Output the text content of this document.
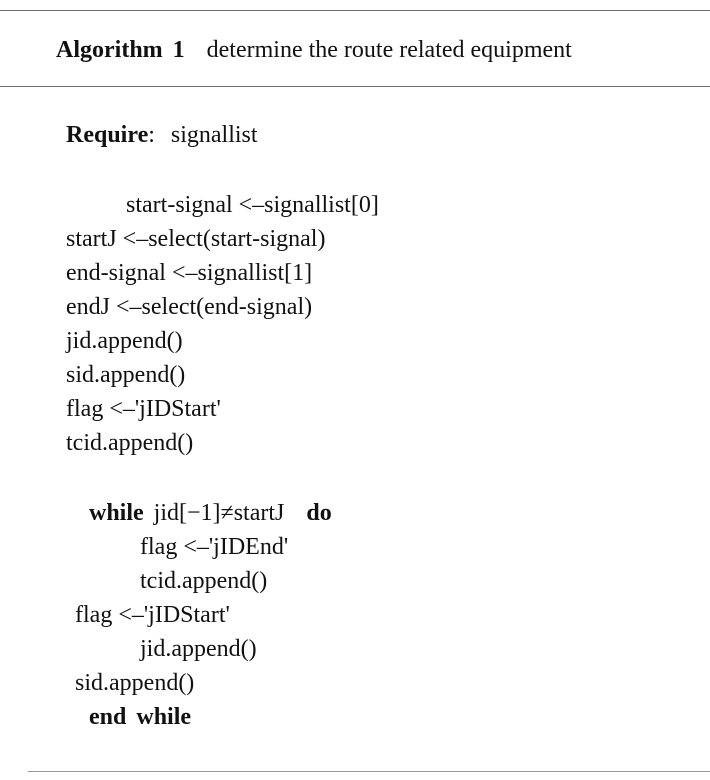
Algorithm 1 determine the route related equipment
Require: signallist
start-signal <–signallist[0]
startJ <–select(start-signal)
end-signal <–signallist[1]
endJ <–select(end-signal)
jid.append()
sid.append()
flag <–'jIDStart'
tcid.append()
while jid[−1]≠startJ do
flag <–'jIDEnd'
tcid.append()
flag <–'jIDStart'
jid.append()
sid.append()
end while
